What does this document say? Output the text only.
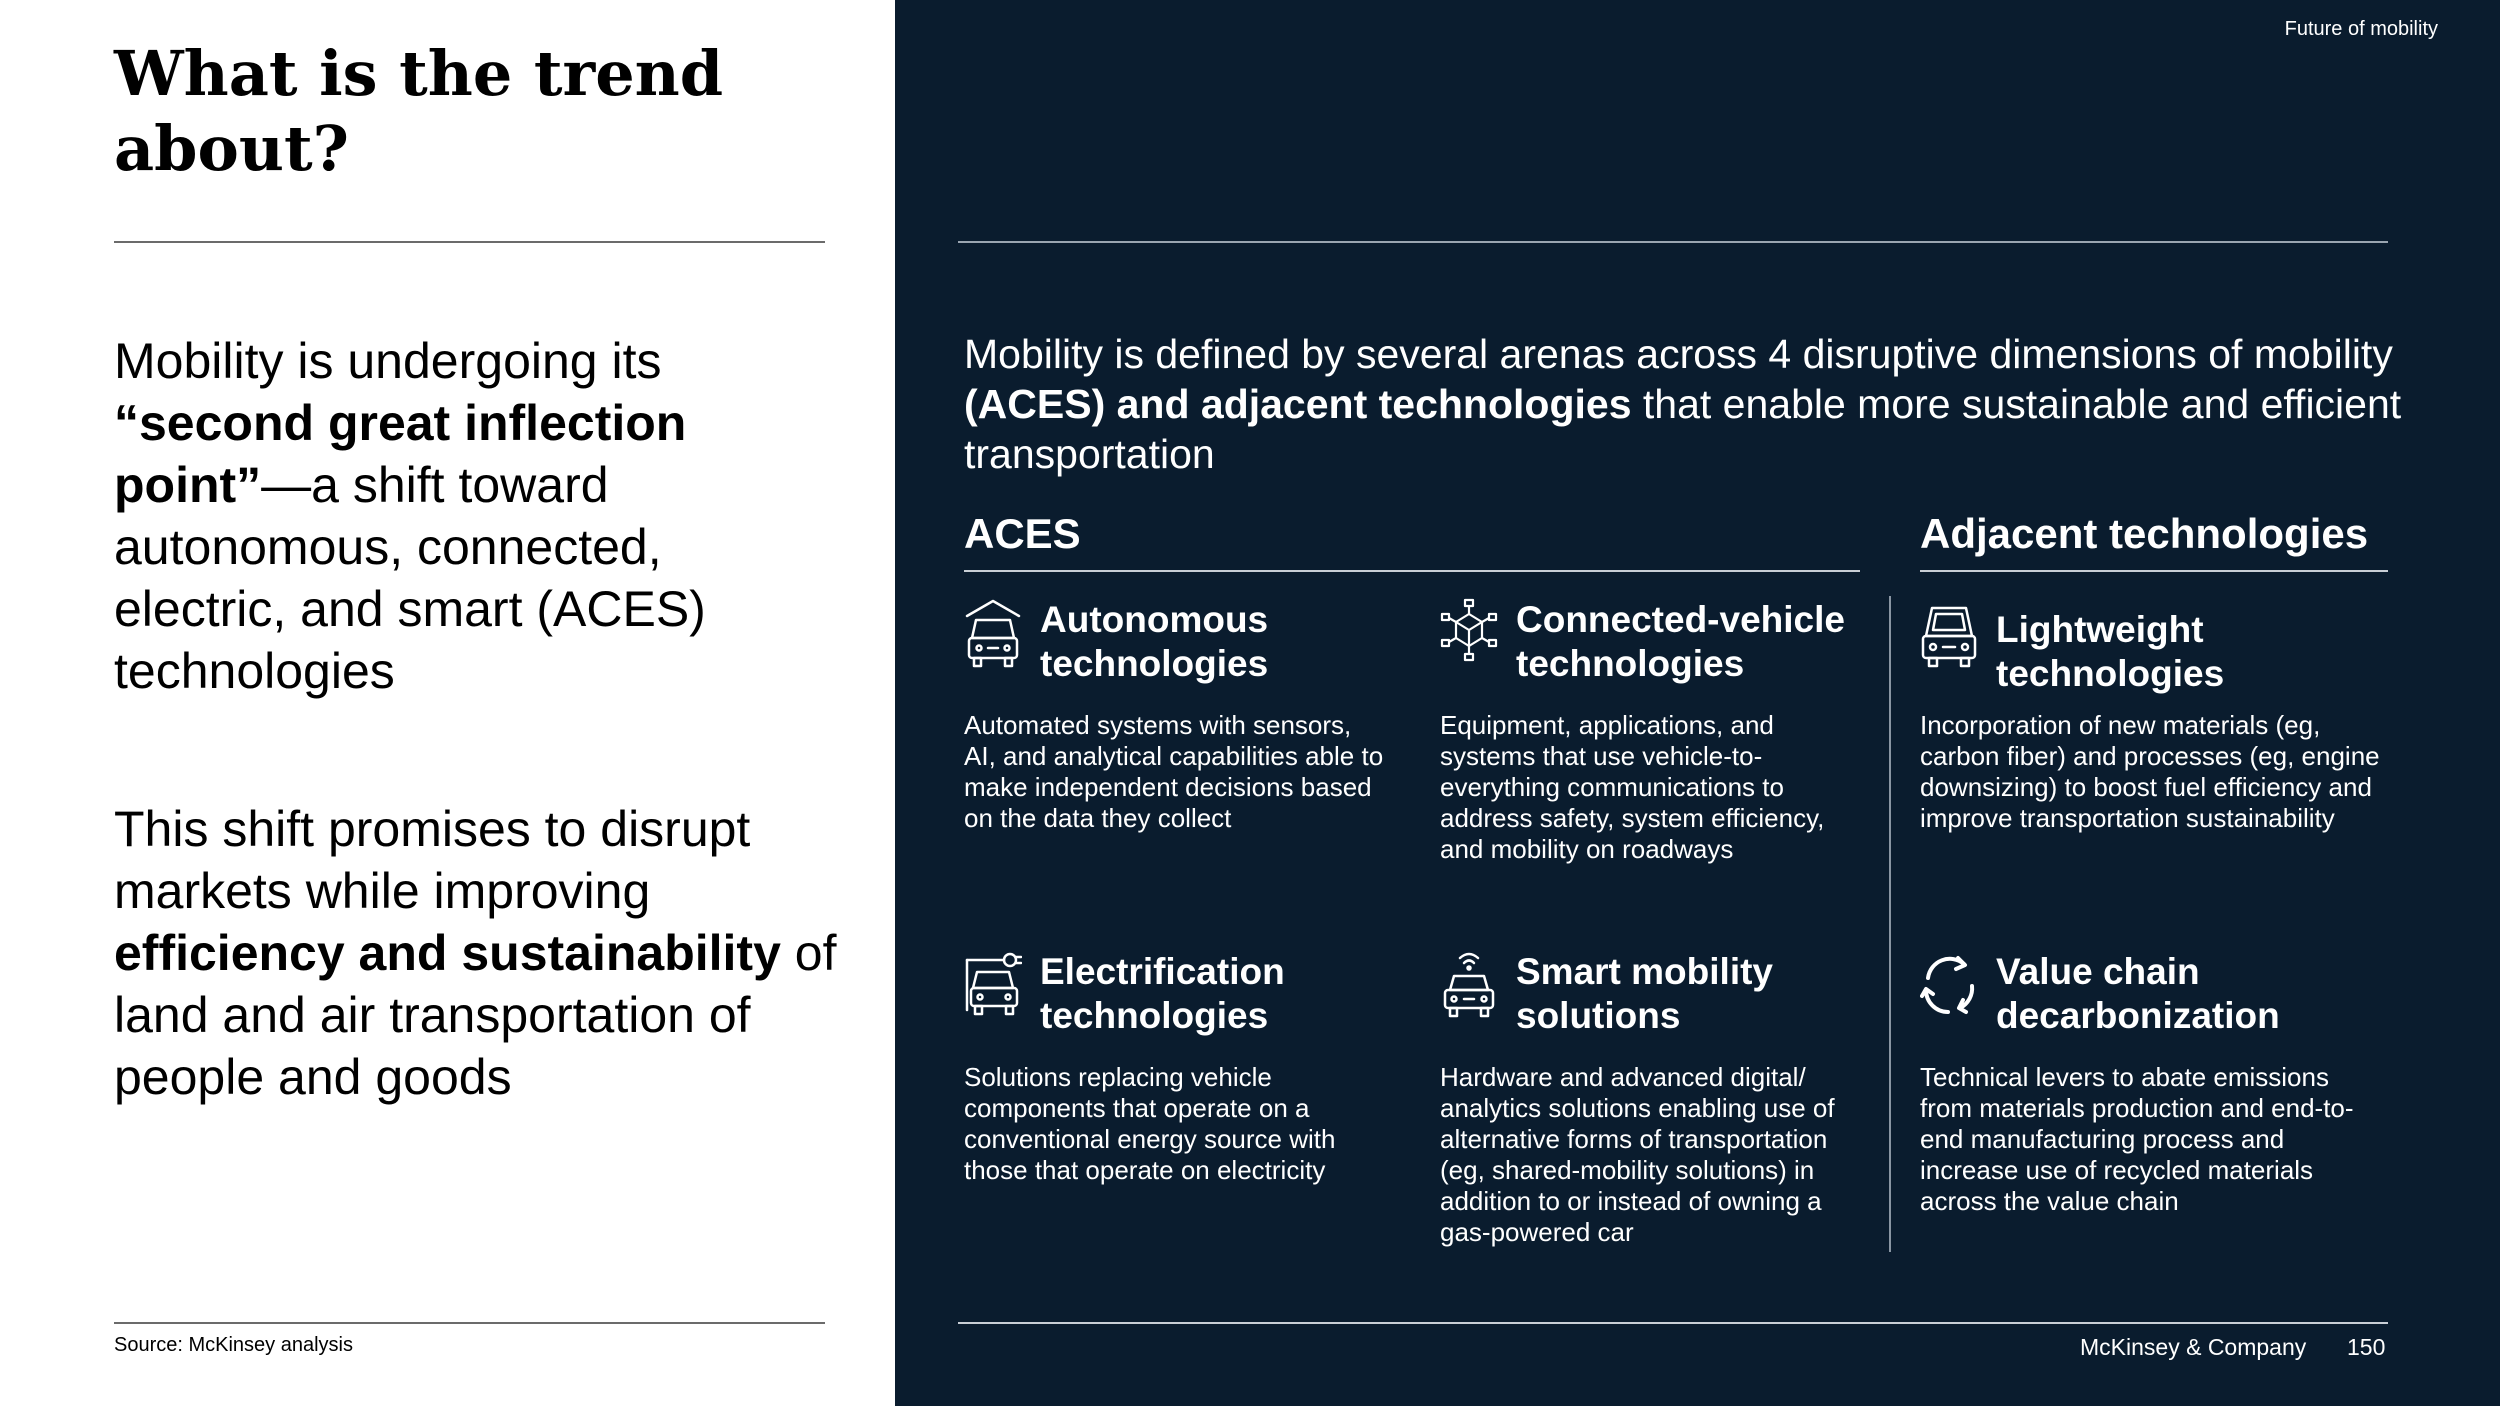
What is the trend about?
Mobility is undergoing its “second great inflection point”—a shift toward autonomous, connected, electric, and smart (ACES) technologies
This shift promises to disrupt markets while improving efficiency and sustainability of land and air transportation of people and goods
Source: McKinsey analysis
Future of mobility
Mobility is defined by several arenas across 4 disruptive dimensions of mobility (ACES) and adjacent technologies that enable more sustainable and efficient transportation
ACES	Adjacent technologies
Autonomous technologies
Automated systems with sensors, AI, and analytical capabilities able to make independent decisions based on the data they collect
Connected-vehicle technologies
Equipment, applications, and systems that use vehicle-to-everything communications to address safety, system efficiency, and mobility on roadways
Lightweight technologies
Incorporation of new materials (eg, carbon fiber) and processes (eg, engine downsizing) to boost fuel efficiency and improve transportation sustainability
Electrification technologies
Solutions replacing vehicle components that operate on a conventional energy source with those that operate on electricity
Smart mobility solutions
Hardware and advanced digital/ analytics solutions enabling use of alternative forms of transportation (eg, shared-mobility solutions) in addition to or instead of owning a gas-powered car
Value chain decarbonization
Technical levers to abate emissions from materials production and end-to-end manufacturing process and increase use of recycled materials across the value chain
McKinsey & Company 150
